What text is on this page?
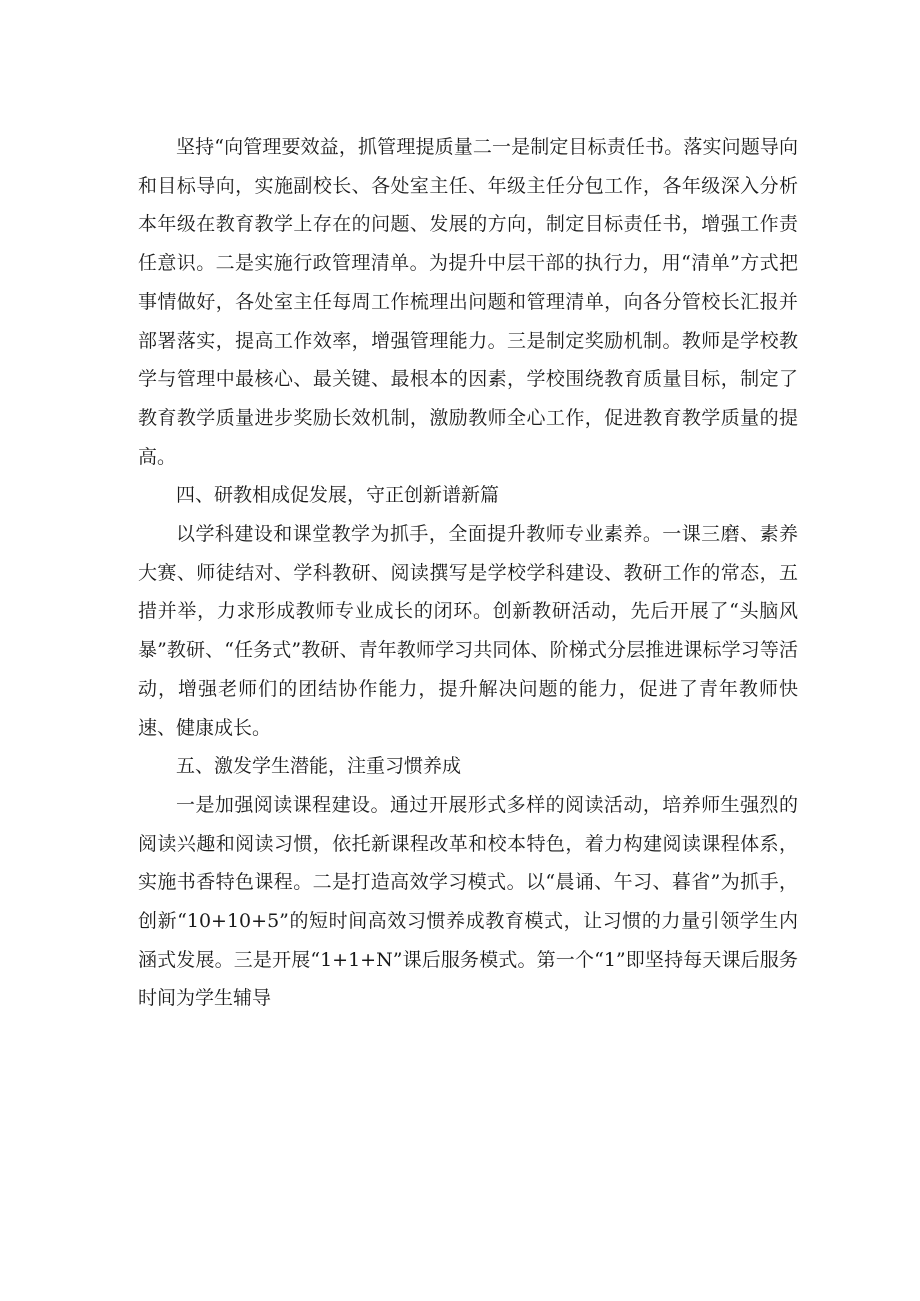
坚持“向管理要效益，抓管理提质量二一是制定目标责任书。落实问题导向和目标导向，实施副校长、各处室主任、年级主任分包工作，各年级深入分析本年级在教育教学上存在的问题、发展的方向，制定目标责任书，增强工作责任意识。二是实施行政管理清单。为提升中层干部的执行力，用“清单”方式把事情做好，各处室主任每周工作梳理出问题和管理清单，向各分管校长汇报并部署落实，提高工作效率，增强管理能力。三是制定奖励机制。教师是学校教学与管理中最核心、最关键、最根本的因素，学校围绕教育质量目标，制定了教育教学质量进步奖励长效机制，激励教师全心工作，促进教育教学质量的提高。

四、研教相成促发展，守正创新谱新篇

以学科建设和课堂教学为抓手，全面提升教师专业素养。一课三磨、素养大赛、师徒结对、学科教研、阅读撰写是学校学科建设、教研工作的常态，五措并举，力求形成教师专业成长的闭环。创新教研活动，先后开展了“头脑风暴”教研、“任务式”教研、青年教师学习共同体、阶梯式分层推进课标学习等活动，增强老师们的团结协作能力，提升解决问题的能力，促进了青年教师快速、健康成长。

五、激发学生潜能，注重习惯养成

一是加强阅读课程建设。通过开展形式多样的阅读活动，培养师生强烈的阅读兴趣和阅读习惯，依托新课程改革和校本特色，着力构建阅读课程体系，实施书香特色课程。二是打造高效学习模式。以“晨诵、午习、暮省”为抓手，创新“10+10+5”的短时间高效习惯养成教育模式，让习惯的力量引领学生内涵式发展。三是开展“1+1+N”课后服务模式。第一个“1”即坚持每天课后服务时间为学生辅导
